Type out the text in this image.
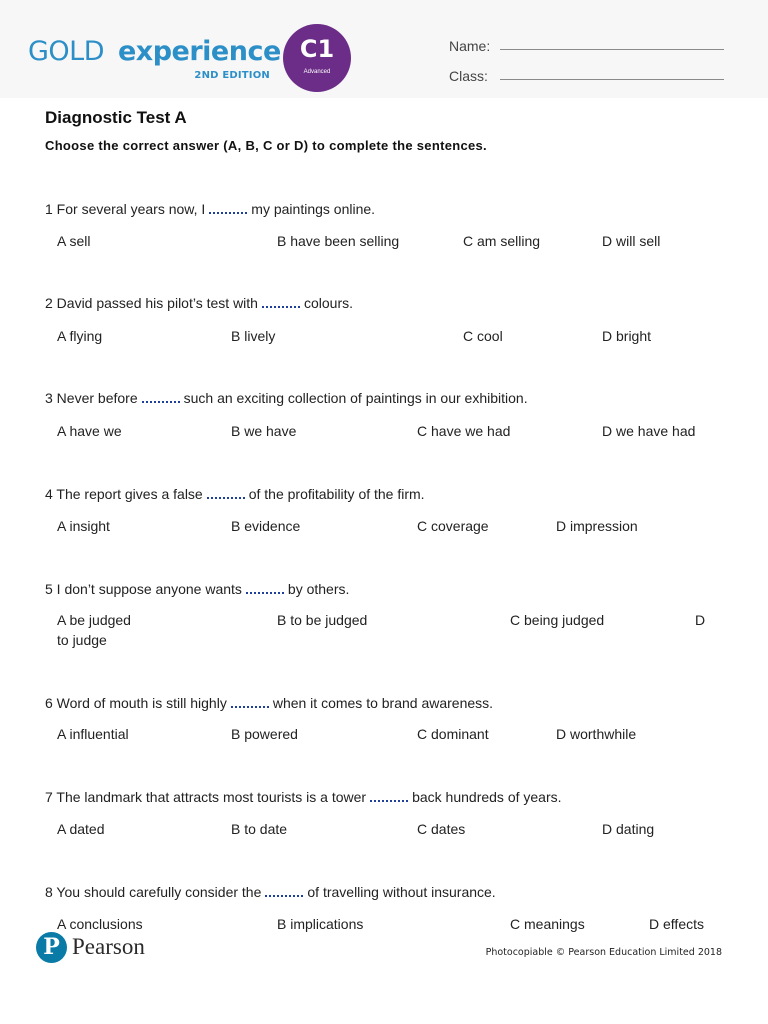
GOLD experience
2ND EDITION
C1
Advanced
Name:
Class:
Diagnostic Test A
Choose the correct answer (A, B, C or D) to complete the sentences.
1 For several years now, I	my paintings online.
A sell	B have been selling	C am selling	D will sell
2 David passed his pilot’s test with	colours.
A flying	B lively	C cool	D bright
3 Never before	such an exciting collection of paintings in our exhibition.
A have we	B we have	C have we had	D we have had
4 The report gives a false	of the profitability of the firm.
A insight	B evidence	C coverage	D impression
5 I don’t suppose anyone wants	by others.
A be judged	B to be judged	C being judged	D
to judge
6 Word of mouth is still highly	when it comes to brand awareness.
A influential	B powered	C dominant	D worthwhile
7 The landmark that attracts most tourists is a tower	back hundreds of years.
A dated	B to date	C dates	D dating
8 You should carefully consider the	of travelling without insurance.
A conclusions	B implications	C meanings	D effects
P Pearson	Photocopiable © Pearson Education Limited 2018
